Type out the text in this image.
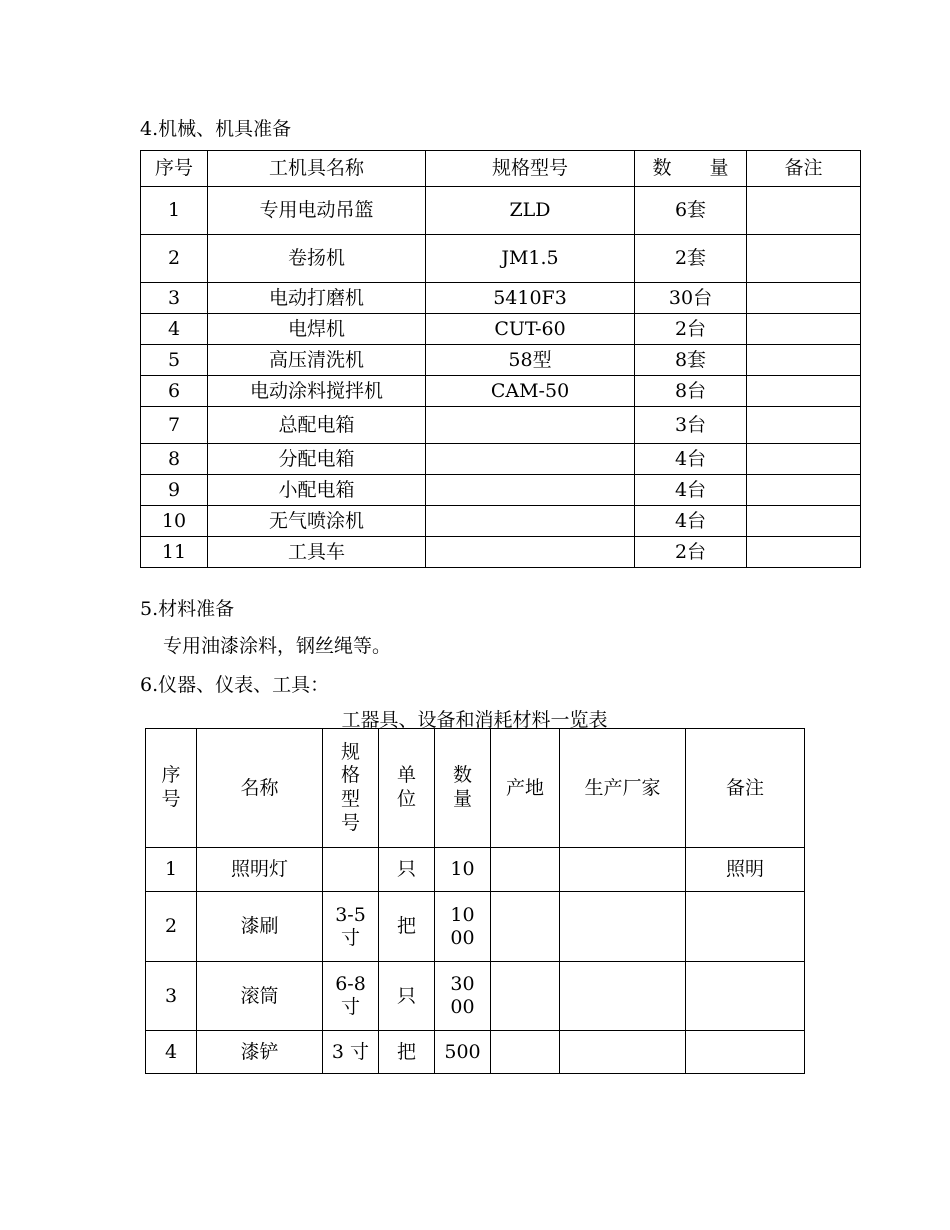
4.机械、机具准备
序号	工机具名称	规格型号	数　　量	备注
1	专用电动吊篮	ZLD	6套	
2	卷扬机	JM1.5	2套	
3	电动打磨机	5410F3	30台	
4	电焊机	CUT-60	2台	
5	高压清洗机	58型	8套	
6	电动涂料搅拌机	CAM-50	8台	
7	总配电箱		3台	
8	分配电箱		4台	
9	小配电箱		4台	
10	无气喷涂机		4台	
11	工具车		2台	
5.材料准备
专用油漆涂料，钢丝绳等。
6.仪器、仪表、工具：
工器具、设备和消耗材料一览表
序号	名称	规格型号	单位	数量	产地	生产厂家	备注
1	照明灯		只	10			照明
2	漆刷	3-5寸	把	1000			
3	滚筒	6-8寸	只	3000			
4	漆铲	3 寸	把	500			
